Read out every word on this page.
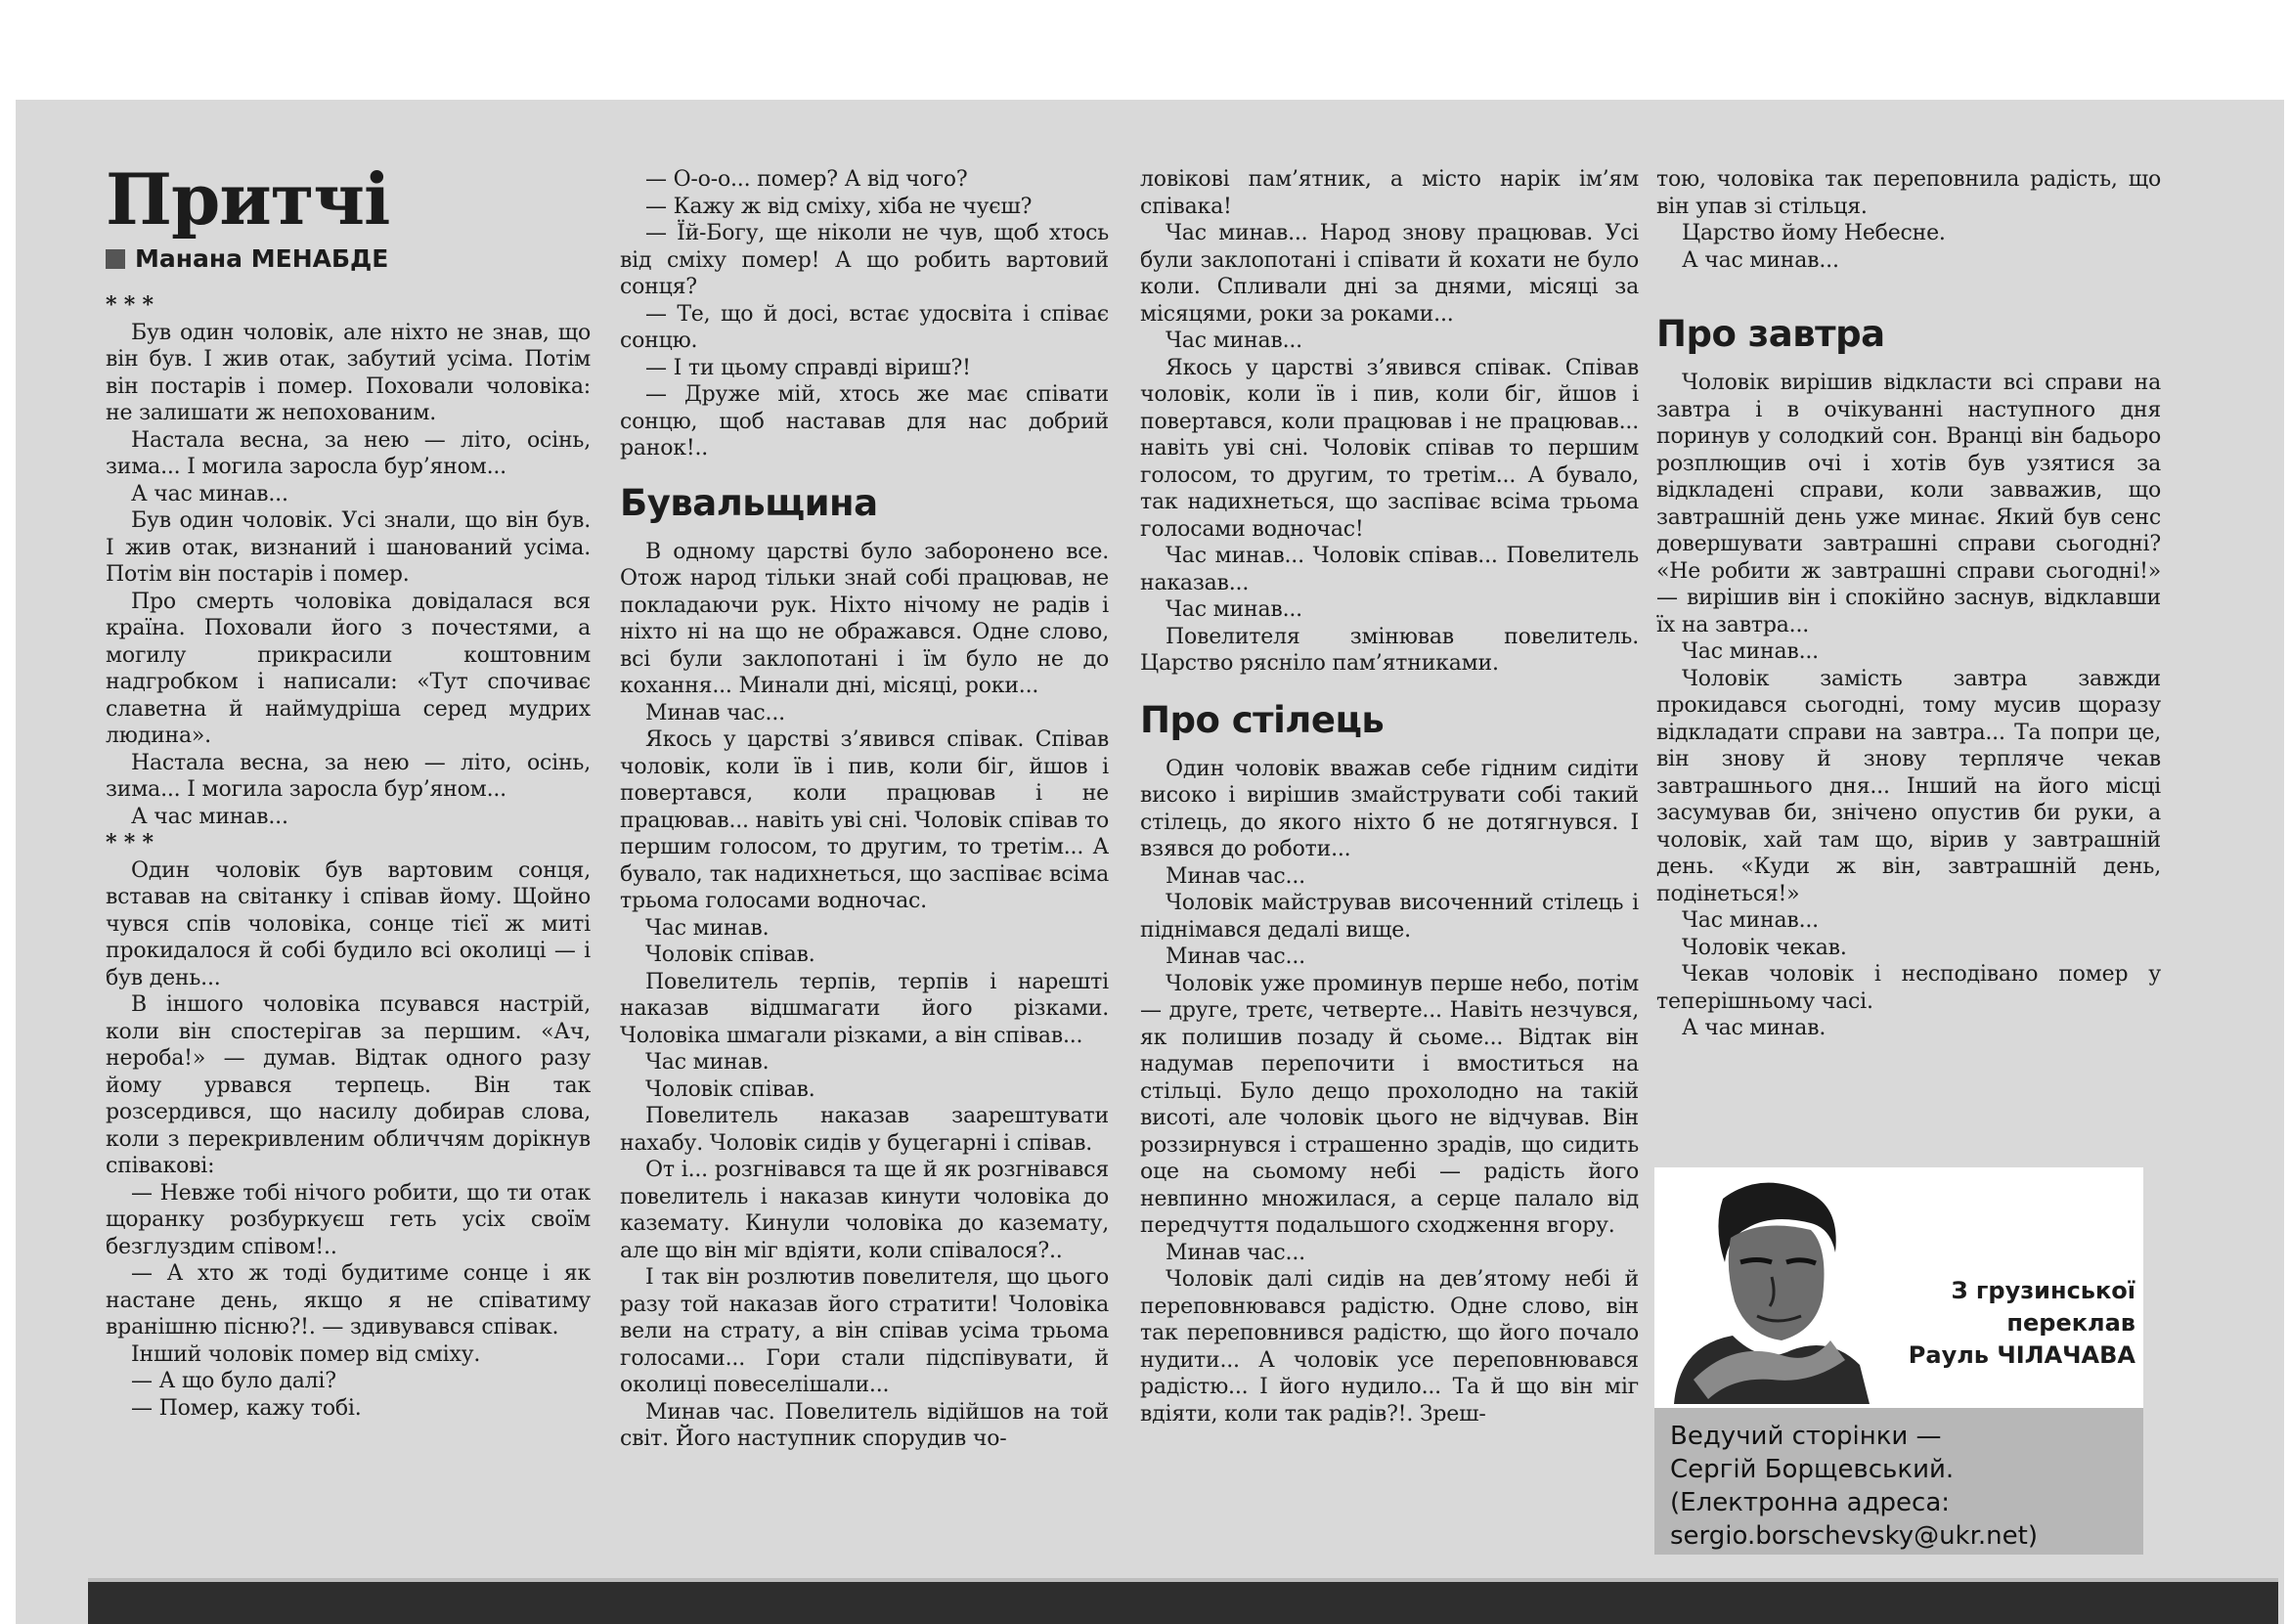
Притчі
Манана МЕНАБДЕ

* * *

Був один чоловік, але ніхто не знав, що він був. І жив отак, забутий усіма. Потім він постарів і помер. Поховали чоловіка: не залишати ж непохованим.

Настала весна, за нею — літо, осінь, зима... І могила заросла бур’яном...

А час минав...

Був один чоловік. Усі знали, що він був. І жив отак, визнаний і шанований усіма. Потім він постарів і помер.

Про смерть чоловіка довідалася вся країна. Поховали його з почестями, а могилу прикрасили коштовним надгробком і написали: «Тут спочиває славетна й наймудріша серед мудрих людина».

Настала весна, за нею — літо, осінь, зима... І могила заросла бур’яном...

А час минав...

* * *

Один чоловік був вартовим сонця, вставав на світанку і співав йому. Щойно чувся спів чоловіка, сонце тієї ж миті прокидалося й собі будило всі околиці — і був день...

В іншого чоловіка псувався настрій, коли він спостерігав за першим. «Ач, нероба!» — думав. Відтак одного разу йому урвався терпець. Він так розсердився, що насилу добирав слова, коли з перекривленим обличчям дорікнув співакові:

— Невже тобі нічого робити, що ти отак щоранку розбуркуєш геть усіх своїм безглуздим співом!..

— А хто ж тоді будитиме сонце і як настане день, якщо я не співатиму вранішню пісню?!. — здивувався співак.

Інший чоловік помер від сміху.

— А що було далі?

— Помер, кажу тобі.

— О-о-о... помер? А від чого?

— Кажу ж від сміху, хіба не чуєш?

— Їй-Богу, ще ніколи не чув, щоб хтось від сміху помер! А що робить вартовий сонця?

— Те, що й досі, встає удосвіта і співає сонцю.

— І ти цьому справді віриш?!

— Друже мій, хтось же має співати сонцю, щоб наставав для нас добрий ранок!..

Бувальщина

В одному царстві було заборонено все. Отож народ тільки знай собі працював, не покладаючи рук. Ніхто нічому не радів і ніхто ні на що не ображався. Одне слово, всі були заклопотані і їм було не до кохання... Минали дні, місяці, роки...

Минав час...

Якось у царстві з’явився співак. Співав чоловік, коли їв і пив, коли біг, йшов і повертався, коли працював і не працював... навіть уві сні. Чоловік співав то першим голосом, то другим, то третім... А бувало, так надихнеться, що заспіває всіма трьома голосами водночас.

Час минав.

Чоловік співав.

Повелитель терпів, терпів і нарешті наказав відшмагати його різками. Чоловіка шмагали різками, а він співав...

Час минав.

Чоловік співав.

Повелитель наказав заарештувати нахабу. Чоловік сидів у буцегарні і співав.

От і... розгнівався та ще й як розгнівався повелитель і наказав кинути чоловіка до каземату. Кинули чоловіка до каземату, але що він міг вдіяти, коли співалося?..

І так він розлютив повелителя, що цього разу той наказав його стратити! Чоловіка вели на страту, а він співав усіма трьома голосами... Гори стали підспівувати, й околиці повеселішали...

Минав час. Повелитель відійшов на той світ. Його наступник спорудив чо-

ловікові пам’ятник, а місто нарік ім’ям співака!

Час минав... Народ знову працював. Усі були заклопотані і співати й кохати не було коли. Спливали дні за днями, місяці за місяцями, роки за роками...

Час минав...

Якось у царстві з’явився співак. Співав чоловік, коли їв і пив, коли біг, йшов і повертався, коли працював і не працював... навіть уві сні. Чоловік співав то першим голосом, то другим, то третім... А бувало, так надихнеться, що заспіває всіма трьома голосами водночас!

Час минав... Чоловік співав... Повелитель наказав...

Час минав...

Повелителя змінював повелитель. Царство рясніло пам’ятниками.

Про стілець

Один чоловік вважав себе гідним сидіти високо і вирішив змайструвати собі такий стілець, до якого ніхто б не дотягнувся. І взявся до роботи...

Минав час...

Чоловік майстрував височенний стілець і піднімався дедалі вище.

Минав час...

Чоловік уже проминув перше небо, потім — друге, третє, четверте... Навіть незчувся, як полишив позаду й сьоме... Відтак він надумав перепочити і вмоститься на стільці. Було дещо прохолодно на такій висоті, але чоловік цього не відчував. Він роззирнувся і страшенно зрадів, що сидить оце на сьомому небі — радість його невпинно множилася, а серце палало від передчуття подальшого сходження вгору.

Минав час...

Чоловік далі сидів на дев’ятому небі й переповнювався радістю. Одне слово, він так переповнився радістю, що його почало нудити... А чоловік усе переповнювався радістю... І його нудило... Та й що він міг вдіяти, коли так радів?!. Зреш-

тою, чоловіка так переповнила радість, що він упав зі стільця.

Царство йому Небесне.

А час минав...

Про завтра

Чоловік вирішив відкласти всі справи на завтра і в очікуванні наступного дня поринув у солодкий сон. Вранці він бадьоро розплющив очі і хотів був узятися за відкладені справи, коли завважив, що завтрашній день уже минає. Який був сенс довершувати завтрашні справи сьогодні? «Не робити ж завтрашні справи сьогодні!» — вирішив він і спокійно заснув, відклавши їх на завтра...

Час минав...

Чоловік замість завтра завжди прокидався сьогодні, тому мусив щоразу відкладати справи на завтра... Та попри це, він знову й знову терпляче чекав завтрашнього дня... Інший на його місці засумував би, знічено опустив би руки, а чоловік, хай там що, вірив у завтрашній день. «Куди ж він, завтрашній день, подінеться!»

Час минав...

Чоловік чекав.

Чекав чоловік і несподівано помер у теперішньому часі.

А час минав.

З грузинської
переклав
Рауль ЧІЛАЧАВА
Ведучий сторінки —
Сергій Борщевський.
(Електронна адреса:
sergio.borschevsky@ukr.net)
